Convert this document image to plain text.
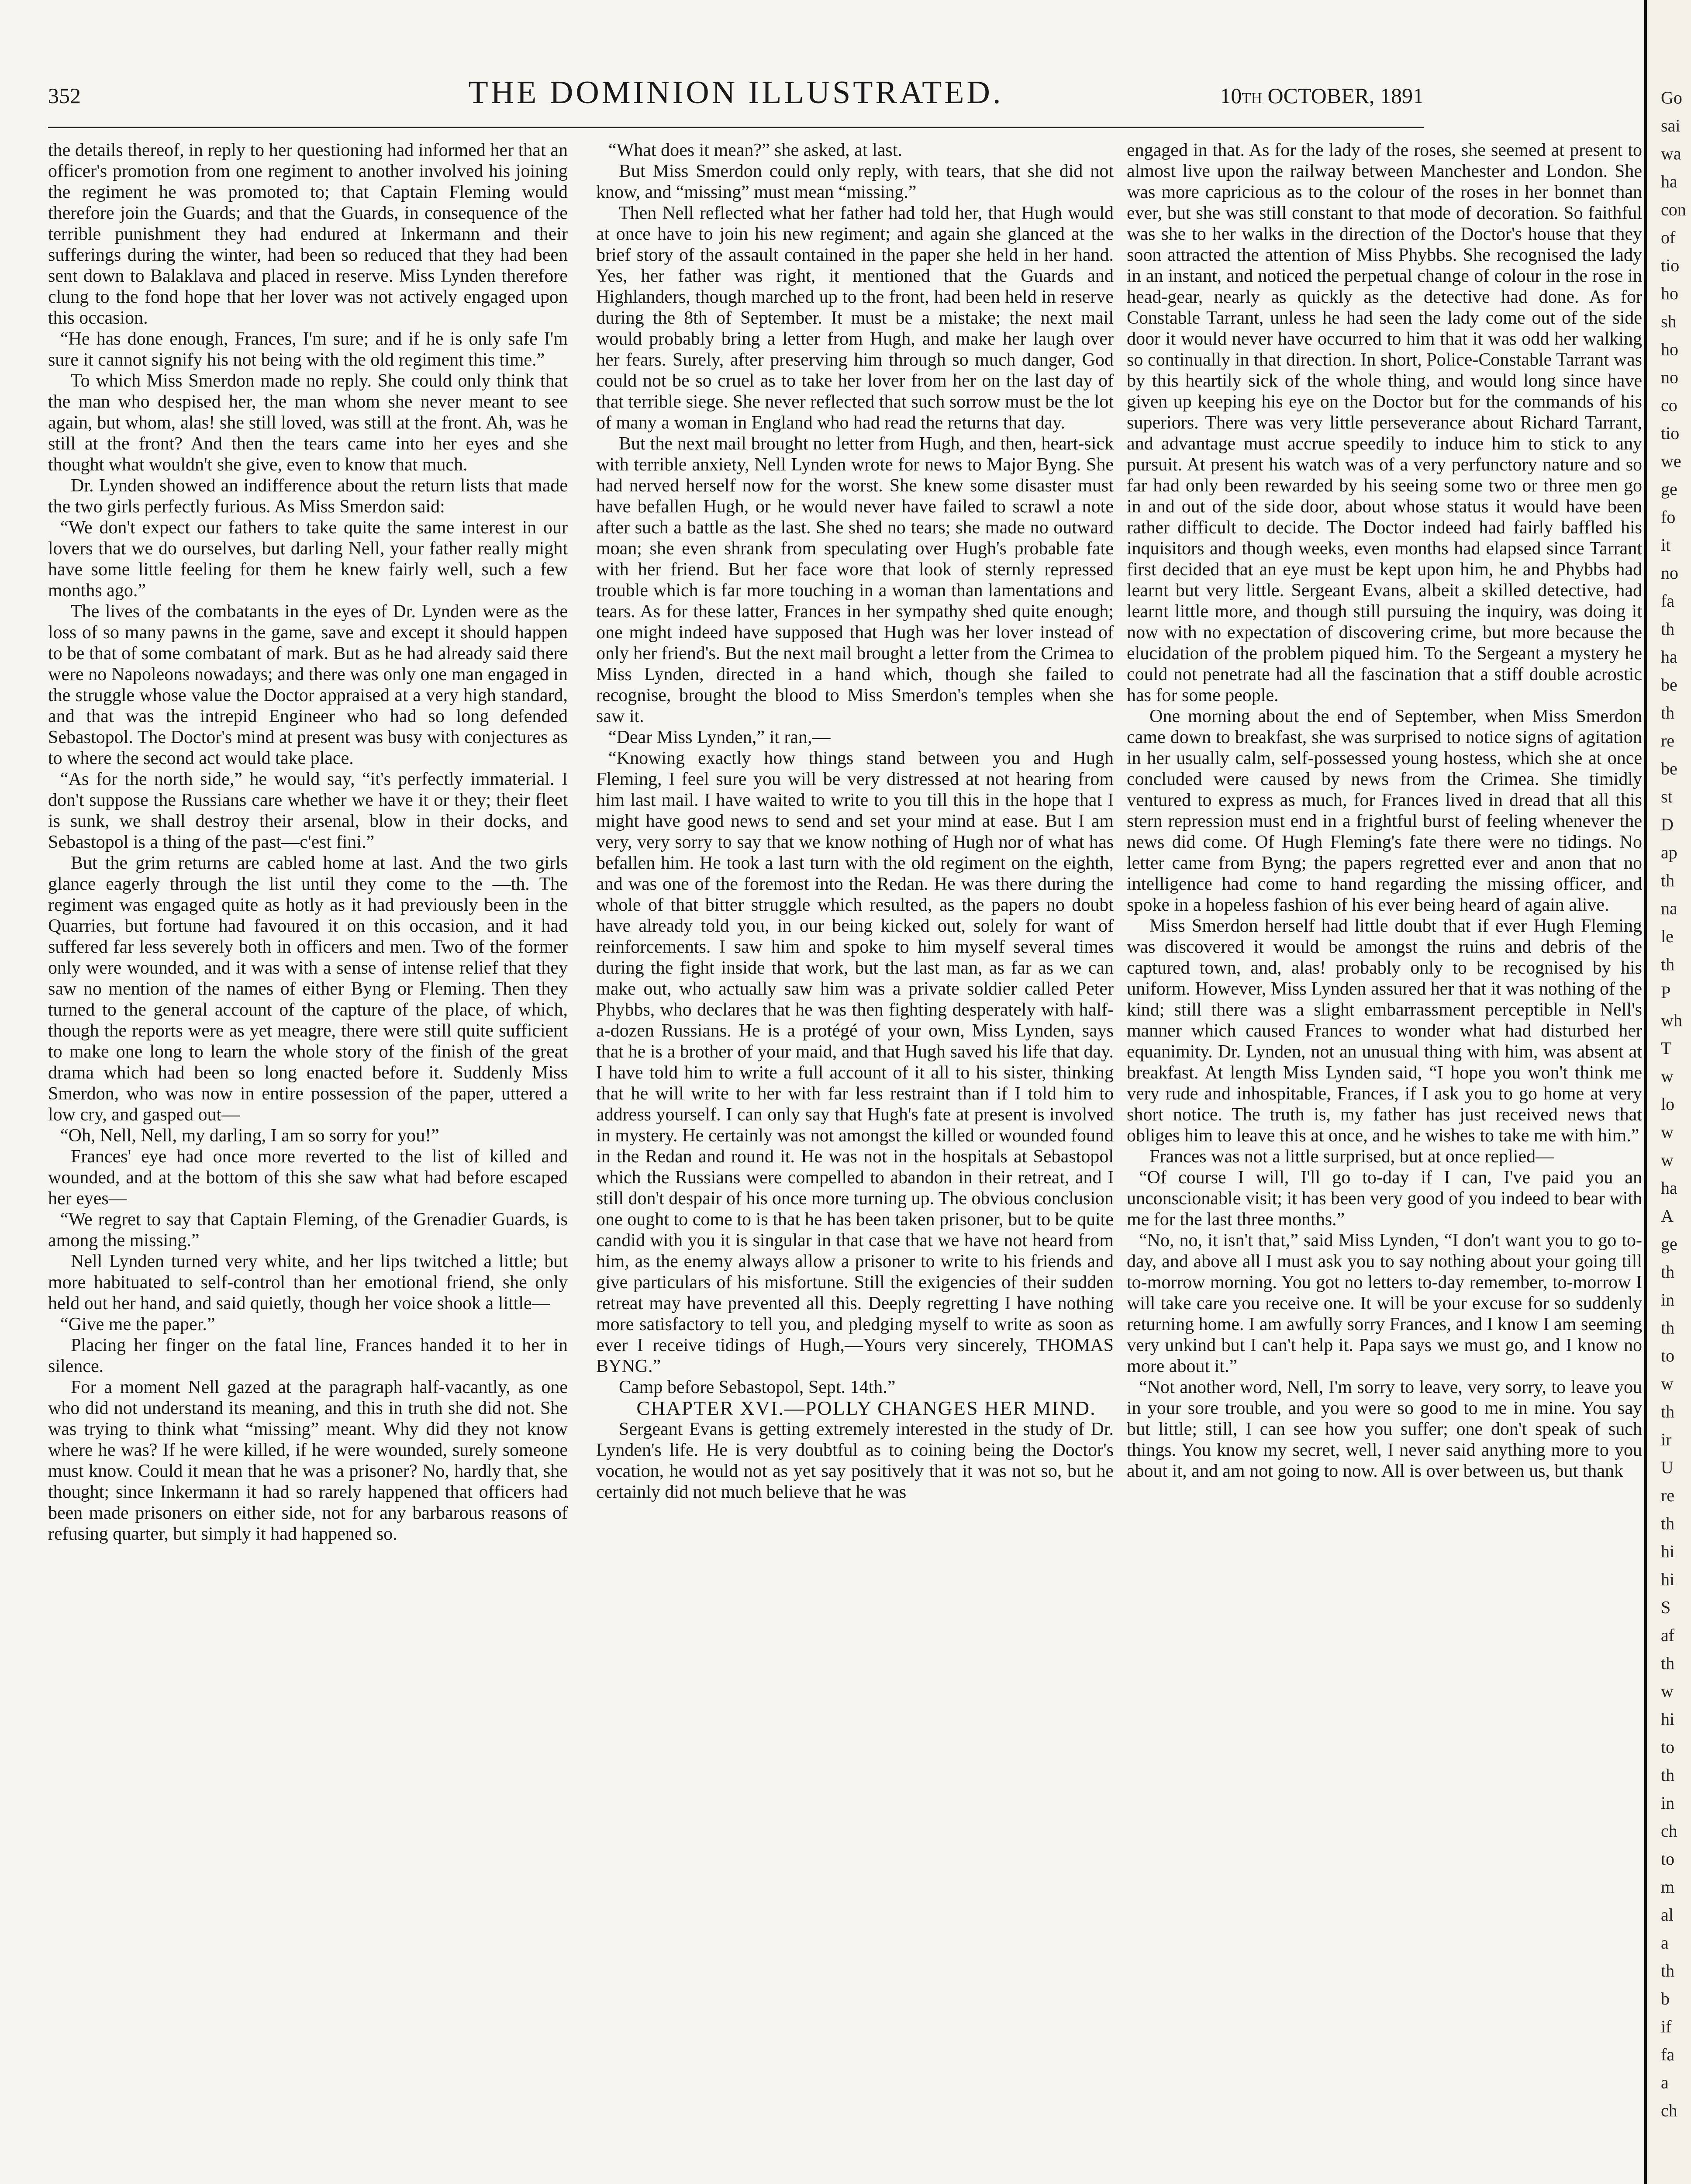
352	THE DOMINION ILLUSTRATED.	10th OCTOBER, 1891

the details thereof, in reply to her questioning had informed her that an officer's promotion from one regiment to another involved his joining the regiment he was promoted to; that Captain Fleming would therefore join the Guards; and that the Guards, in consequence of the terrible punishment they had endured at Inkermann and their sufferings during the winter, had been so reduced that they had been sent down to Balaklava and placed in reserve. Miss Lynden therefore clung to the fond hope that her lover was not actively engaged upon this occasion.

“He has done enough, Frances, I'm sure; and if he is only safe I'm sure it cannot signify his not being with the old regiment this time.”

To which Miss Smerdon made no reply. She could only think that the man who despised her, the man whom she never meant to see again, but whom, alas! she still loved, was still at the front. Ah, was he still at the front? And then the tears came into her eyes and she thought what wouldn't she give, even to know that much.

Dr. Lynden showed an indifference about the return lists that made the two girls perfectly furious. As Miss Smerdon said:

“We don't expect our fathers to take quite the same interest in our lovers that we do ourselves, but darling Nell, your father really might have some little feeling for them he knew fairly well, such a few months ago.”

The lives of the combatants in the eyes of Dr. Lynden were as the loss of so many pawns in the game, save and except it should happen to be that of some combatant of mark. But as he had already said there were no Napoleons nowadays; and there was only one man engaged in the struggle whose value the Doctor appraised at a very high standard, and that was the intrepid Engineer who had so long defended Sebastopol. The Doctor's mind at present was busy with conjectures as to where the second act would take place.

“As for the north side,” he would say, “it's perfectly immaterial. I don't suppose the Russians care whether we have it or they; their fleet is sunk, we shall destroy their arsenal, blow in their docks, and Sebastopol is a thing of the past—c'est fini.”

But the grim returns are cabled home at last. And the two girls glance eagerly through the list until they come to the —th. The regiment was engaged quite as hotly as it had previously been in the Quarries, but fortune had favoured it on this occasion, and it had suffered far less severely both in officers and men. Two of the former only were wounded, and it was with a sense of intense relief that they saw no mention of the names of either Byng or Fleming. Then they turned to the general account of the capture of the place, of which, though the reports were as yet meagre, there were still quite sufficient to make one long to learn the whole story of the finish of the great drama which had been so long enacted before it. Suddenly Miss Smerdon, who was now in entire possession of the paper, uttered a low cry, and gasped out—

“Oh, Nell, Nell, my darling, I am so sorry for you!”

Frances' eye had once more reverted to the list of killed and wounded, and at the bottom of this she saw what had before escaped her eyes—

“We regret to say that Captain Fleming, of the Grenadier Guards, is among the missing.”

Nell Lynden turned very white, and her lips twitched a little; but more habituated to self-control than her emotional friend, she only held out her hand, and said quietly, though her voice shook a little—

“Give me the paper.”

Placing her finger on the fatal line, Frances handed it to her in silence.

For a moment Nell gazed at the paragraph half-vacantly, as one who did not understand its meaning, and this in truth she did not. She was trying to think what “missing” meant. Why did they not know where he was? If he were killed, if he were wounded, surely someone must know. Could it mean that he was a prisoner? No, hardly that, she thought; since Inkermann it had so rarely happened that officers had been made prisoners on either side, not for any barbarous reasons of refusing quarter, but simply it had happened so.

“What does it mean?” she asked, at last.

But Miss Smerdon could only reply, with tears, that she did not know, and “missing” must mean “missing.”

Then Nell reflected what her father had told her, that Hugh would at once have to join his new regiment; and again she glanced at the brief story of the assault contained in the paper she held in her hand. Yes, her father was right, it mentioned that the Guards and Highlanders, though marched up to the front, had been held in reserve during the 8th of September. It must be a mistake; the next mail would probably bring a letter from Hugh, and make her laugh over her fears. Surely, after preserving him through so much danger, God could not be so cruel as to take her lover from her on the last day of that terrible siege. She never reflected that such sorrow must be the lot of many a woman in England who had read the returns that day.

But the next mail brought no letter from Hugh, and then, heart-sick with terrible anxiety, Nell Lynden wrote for news to Major Byng. She had nerved herself now for the worst. She knew some disaster must have befallen Hugh, or he would never have failed to scrawl a note after such a battle as the last. She shed no tears; she made no outward moan; she even shrank from speculating over Hugh's probable fate with her friend. But her face wore that look of sternly repressed trouble which is far more touching in a woman than lamentations and tears. As for these latter, Frances in her sympathy shed quite enough; one might indeed have supposed that Hugh was her lover instead of only her friend's. But the next mail brought a letter from the Crimea to Miss Lynden, directed in a hand which, though she failed to recognise, brought the blood to Miss Smerdon's temples when she saw it.

“Dear Miss Lynden,” it ran,—

“Knowing exactly how things stand between you and Hugh Fleming, I feel sure you will be very distressed at not hearing from him last mail. I have waited to write to you till this in the hope that I might have good news to send and set your mind at ease. But I am very, very sorry to say that we know nothing of Hugh nor of what has befallen him. He took a last turn with the old regiment on the eighth, and was one of the foremost into the Redan. He was there during the whole of that bitter struggle which resulted, as the papers no doubt have already told you, in our being kicked out, solely for want of reinforcements. I saw him and spoke to him myself several times during the fight inside that work, but the last man, as far as we can make out, who actually saw him was a private soldier called Peter Phybbs, who declares that he was then fighting desperately with half-a-dozen Russians. He is a protégé of your own, Miss Lynden, says that he is a brother of your maid, and that Hugh saved his life that day. I have told him to write a full account of it all to his sister, thinking that he will write to her with far less restraint than if I told him to address yourself. I can only say that Hugh's fate at present is involved in mystery. He certainly was not amongst the killed or wounded found in the Redan and round it. He was not in the hospitals at Sebastopol which the Russians were compelled to abandon in their retreat, and I still don't despair of his once more turning up. The obvious conclusion one ought to come to is that he has been taken prisoner, but to be quite candid with you it is singular in that case that we have not heard from him, as the enemy always allow a prisoner to write to his friends and give particulars of his misfortune. Still the exigencies of their sudden retreat may have prevented all this. Deeply regretting I have nothing more satisfactory to tell you, and pledging myself to write as soon as ever I receive tidings of Hugh,—Yours very sincerely, THOMAS BYNG.”

Camp before Sebastopol, Sept. 14th.”

CHAPTER XVI.—POLLY CHANGES HER MIND.

Sergeant Evans is getting extremely interested in the study of Dr. Lynden's life. He is very doubtful as to coining being the Doctor's vocation, he would not as yet say positively that it was not so, but he certainly did not much believe that he was

engaged in that. As for the lady of the roses, she seemed at present to almost live upon the railway between Manchester and London. She was more capricious as to the colour of the roses in her bonnet than ever, but she was still constant to that mode of decoration. So faithful was she to her walks in the direction of the Doctor's house that they soon attracted the attention of Miss Phybbs. She recognised the lady in an instant, and noticed the perpetual change of colour in the rose in head-gear, nearly as quickly as the detective had done. As for Constable Tarrant, unless he had seen the lady come out of the side door it would never have occurred to him that it was odd her walking so continually in that direction. In short, Police-Constable Tarrant was by this heartily sick of the whole thing, and would long since have given up keeping his eye on the Doctor but for the commands of his superiors. There was very little perseverance about Richard Tarrant, and advantage must accrue speedily to induce him to stick to any pursuit. At present his watch was of a very perfunctory nature and so far had only been rewarded by his seeing some two or three men go in and out of the side door, about whose status it would have been rather difficult to decide. The Doctor indeed had fairly baffled his inquisitors and though weeks, even months had elapsed since Tarrant first decided that an eye must be kept upon him, he and Phybbs had learnt but very little. Sergeant Evans, albeit a skilled detective, had learnt little more, and though still pursuing the inquiry, was doing it now with no expectation of discovering crime, but more because the elucidation of the problem piqued him. To the Sergeant a mystery he could not penetrate had all the fascination that a stiff double acrostic has for some people.

One morning about the end of September, when Miss Smerdon came down to breakfast, she was surprised to notice signs of agitation in her usually calm, self-possessed young hostess, which she at once concluded were caused by news from the Crimea. She timidly ventured to express as much, for Frances lived in dread that all this stern repression must end in a frightful burst of feeling whenever the news did come. Of Hugh Fleming's fate there were no tidings. No letter came from Byng; the papers regretted ever and anon that no intelligence had come to hand regarding the missing officer, and spoke in a hopeless fashion of his ever being heard of again alive.

Miss Smerdon herself had little doubt that if ever Hugh Fleming was discovered it would be amongst the ruins and debris of the captured town, and, alas! probably only to be recognised by his uniform. However, Miss Lynden assured her that it was nothing of the kind; still there was a slight embarrassment perceptible in Nell's manner which caused Frances to wonder what had disturbed her equanimity. Dr. Lynden, not an unusual thing with him, was absent at breakfast. At length Miss Lynden said, “I hope you won't think me very rude and inhospitable, Frances, if I ask you to go home at very short notice. The truth is, my father has just received news that obliges him to leave this at once, and he wishes to take me with him.”

Frances was not a little surprised, but at once replied—

“Of course I will, I'll go to-day if I can, I've paid you an unconscionable visit; it has been very good of you indeed to bear with me for the last three months.”

“No, no, it isn't that,” said Miss Lynden, “I don't want you to go to-day, and above all I must ask you to say nothing about your going till to-morrow morning. You got no letters to-day remember, to-morrow I will take care you receive one. It will be your excuse for so suddenly returning home. I am awfully sorry Frances, and I know I am seeming very unkind but I can't help it. Papa says we must go, and I know no more about it.”

“Not another word, Nell, I'm sorry to leave, very sorry, to leave you in your sore trouble, and you were so good to me in mine. You say but little; still, I can see how you suffer; one don't speak of such things. You know my secret, well, I never said anything more to you about it, and am not going to now. All is over between us, but thank

Go
sai
wa
ha
con
of
tio
ho
sh
ho
no
co
tio
we
ge
fo
it
no
fa
th
ha
be
th
re
be
st
D
ap
th
na
le
th
P
wh
T
w
lo
w
w
ha
A
ge
th
in
th
to
w
th
ir
U
re
th
hi
hi
S
af
th
w
hi
to
th
in
ch
to
m
al
a
th
b
if
fa
a
ch
